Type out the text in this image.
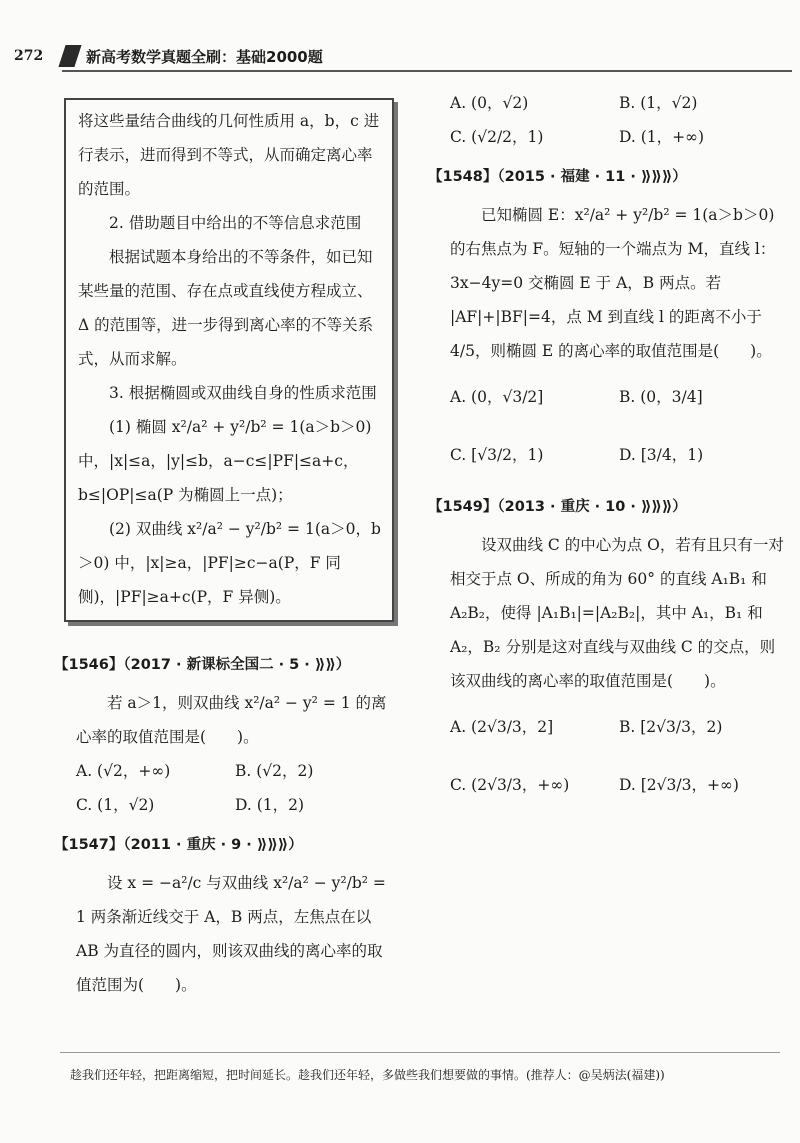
272	新高考数学真题全刷：基础2000题

将这些量结合曲线的几何性质用 a，b，c 进行表示，进而得到不等式，从而确定离心率的范围。

2. 借助题目中给出的不等信息求范围

根据试题本身给出的不等条件，如已知某些量的范围、存在点或直线使方程成立、Δ 的范围等，进一步得到离心率的不等关系式，从而求解。

3. 根据椭圆或双曲线自身的性质求范围

(1) 椭圆 x²/a² + y²/b² = 1(a＞b＞0) 中，|x|≤a，|y|≤b，a−c≤|PF|≤a+c，b≤|OP|≤a(P 为椭圆上一点)；

(2) 双曲线 x²/a² − y²/b² = 1(a＞0，b＞0) 中，|x|≥a，|PF|≥c−a(P，F 同侧)，|PF|≥a+c(P，F 异侧)。

【1546】（2017 · 新课标全国二 · 5 · ⟫⟫）

若 a＞1，则双曲线 x²/a² − y² = 1 的离心率的取值范围是(　　)。

A. (√2，+∞)	B. (√2，2)
C. (1，√2)	D. (1，2)
【1547】（2011 · 重庆 · 9 · ⟫⟫⟫）

设 x = −a²/c 与双曲线 x²/a² − y²/b² = 1 两条渐近线交于 A，B 两点，左焦点在以 AB 为直径的圆内，则该双曲线的离心率的取值范围为(　　)。

A. (0，√2)	B. (1，√2)
C. (√2/2，1)	D. (1，+∞)
【1548】（2015 · 福建 · 11 · ⟫⟫⟫）

已知椭圆 E：x²/a² + y²/b² = 1(a＞b＞0) 的右焦点为 F。短轴的一个端点为 M，直线 l：3x−4y=0 交椭圆 E 于 A，B 两点。若 |AF|+|BF|=4，点 M 到直线 l 的距离不小于 4/5，则椭圆 E 的离心率的取值范围是(　　)。

A. (0，√3/2]	B. (0，3/4]
C. [√3/2，1)	D. [3/4，1)
【1549】（2013 · 重庆 · 10 · ⟫⟫⟫）

设双曲线 C 的中心为点 O，若有且只有一对相交于点 O、所成的角为 60° 的直线 A₁B₁ 和 A₂B₂，使得 |A₁B₁|=|A₂B₂|，其中 A₁，B₁ 和 A₂，B₂ 分别是这对直线与双曲线 C 的交点，则该双曲线的离心率的取值范围是(　　)。

A. (2√3/3，2]	B. [2√3/3，2)
C. (2√3/3，+∞)	D. [2√3/3，+∞)
趁我们还年轻，把距离缩短，把时间延长。趁我们还年轻，多做些我们想要做的事情。(推荐人：@吴炳法(福建))
